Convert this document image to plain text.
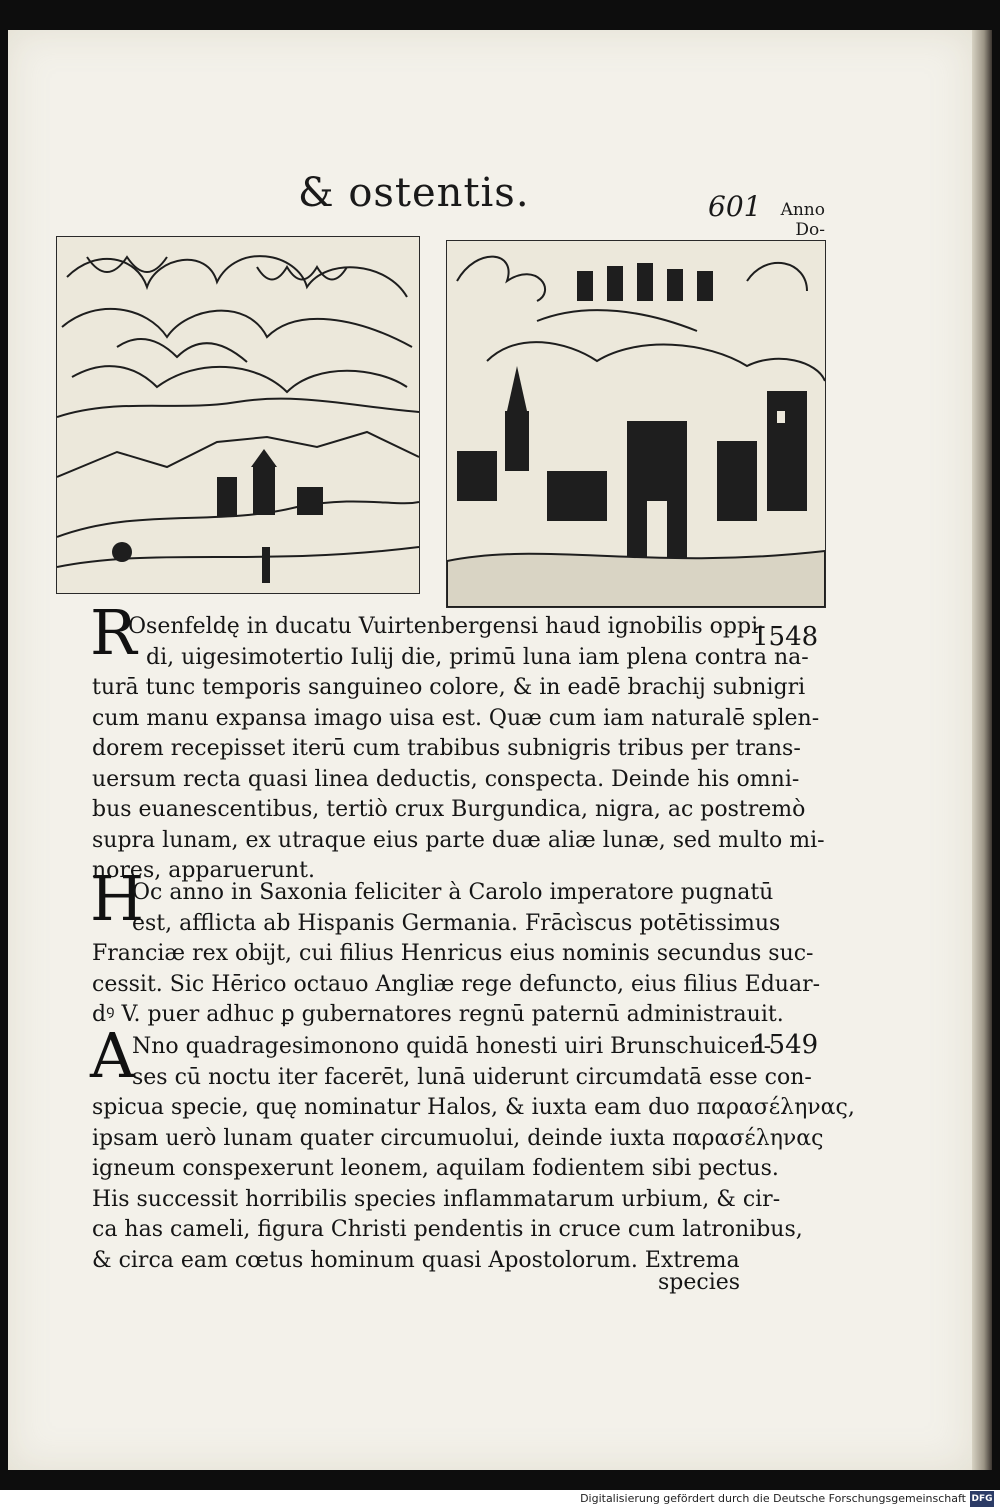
& ostentis.	601	Anno Do-
R	1548
Osenfeldę in ducatu Vuirtenbergensi haud ignobilis oppi-
di, uigesimotertio Iulij die, primū luna iam plena contra na-
turā tunc temporis sanguineo colore, & in eadē brachij subnigri
cum manu expansa imago uisa est. Quæ cum iam naturalē splen-
dorem recepisset iterū cum trabibus subnigris tribus per trans-
uersum recta quasi linea deductis, conspecta. Deinde his omni-
bus euanescentibus, tertiò crux Burgundica, nigra, ac postremò
supra lunam, ex utraque eius parte duæ aliæ lunæ, sed multo mi-
nores, apparuerunt.
H
Oc anno in Saxonia feliciter à Carolo imperatore pugnatū
est, afflicta ab Hispanis Germania. Frācìscus potētissimus
Franciæ rex obijt, cui filius Henricus eius nominis secundus suc-
cessit. Sic Hērico octauo Angliæ rege defuncto, eius filius Eduar-
dꝰ V. puer adhuc ꝑ gubernatores regnū paternū administrauit.
A	1549
Nno quadragesimonono quidā honesti uiri Brunschuicen-
ses cū noctu iter facerēt, lunā uiderunt circumdatā esse con-
spicua specie, quę nominatur Halos, & iuxta eam duo παρασέληνας,
ipsam uerò lunam quater circumuolui, deinde iuxta παρασέληνας
igneum conspexerunt leonem, aquilam fodientem sibi pectus.
His successit horribilis species inflammatarum urbium, & cir-
ca has cameli, figura Christi pendentis in cruce cum latronibus,
& circa eam cœtus hominum quasi Apostolorum. Extrema
species
Digitalisierung gefördert durch die Deutsche Forschungsgemeinschaft DFG
